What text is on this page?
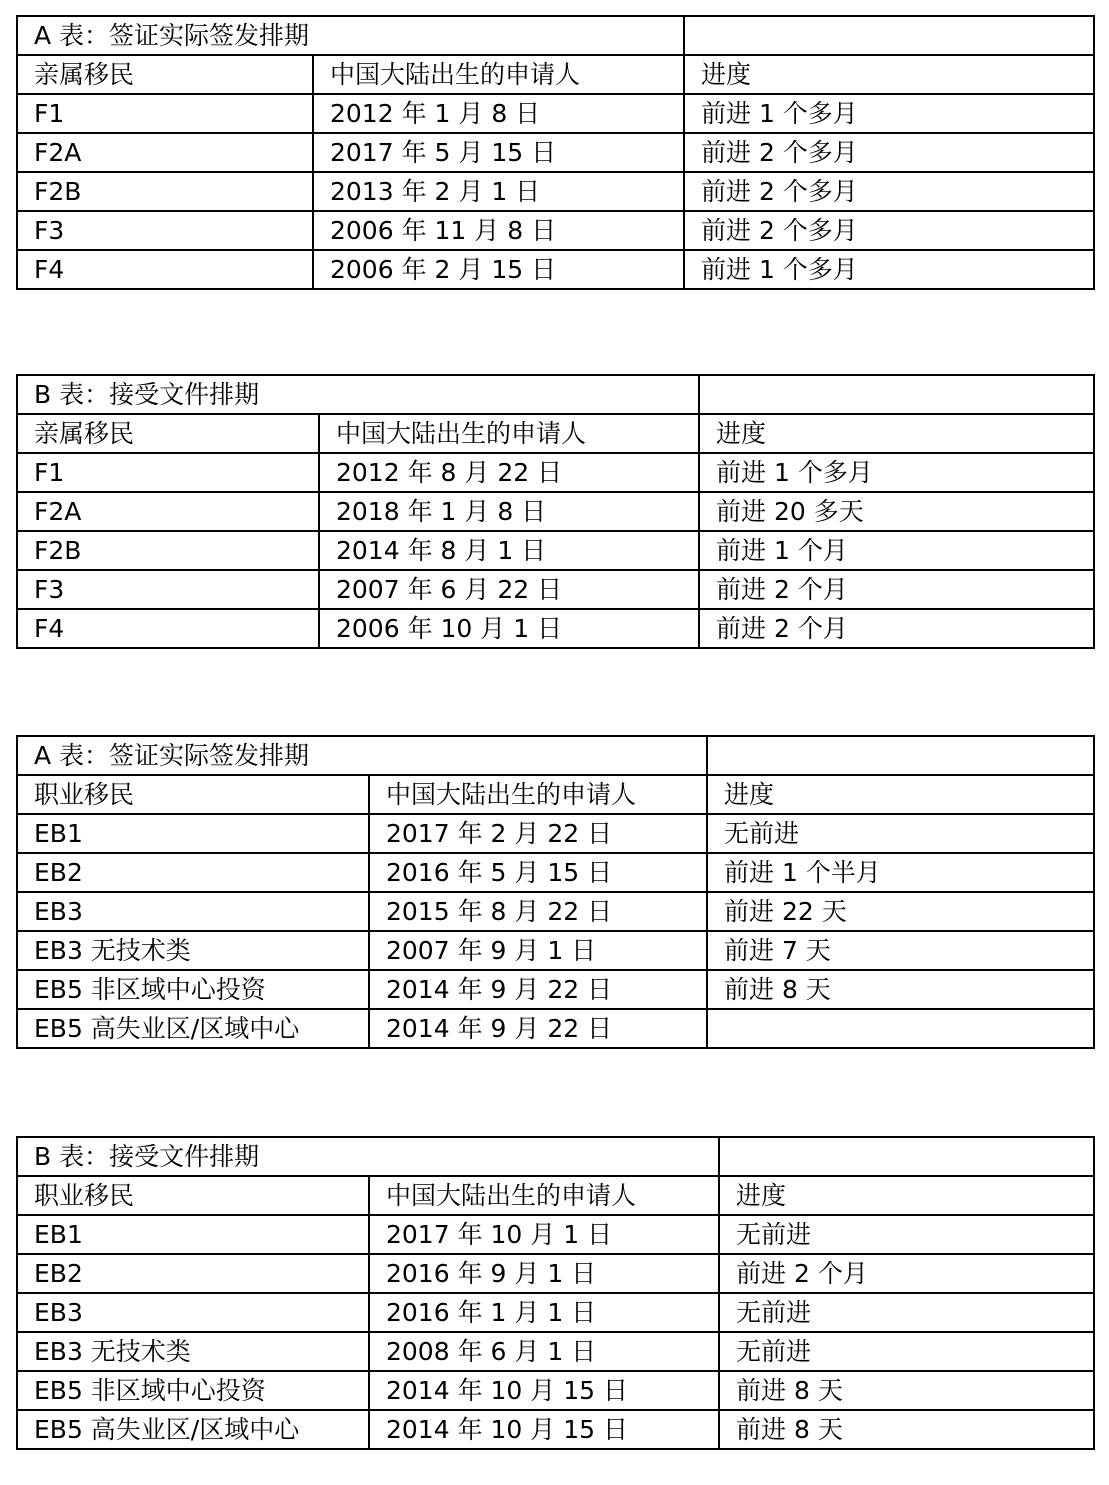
A 表：签证实际签发排期		
亲属移民	中国大陆出生的申请人	进度
F1	2012 年 1 月 8 日	前进 1 个多月
F2A	2017 年 5 月 15 日	前进 2 个多月
F2B	2013 年 2 月 1 日	前进 2 个多月
F3	2006 年 11 月 8 日	前进 2 个多月
F4	2006 年 2 月 15 日	前进 1 个多月
B 表：接受文件排期		
亲属移民	中国大陆出生的申请人	进度
F1	2012 年 8 月 22 日	前进 1 个多月
F2A	2018 年 1 月 8 日	前进 20 多天
F2B	2014 年 8 月 1 日	前进 1 个月
F3	2007 年 6 月 22 日	前进 2 个月
F4	2006 年 10 月 1 日	前进 2 个月
A 表：签证实际签发排期		
职业移民	中国大陆出生的申请人	进度
EB1	2017 年 2 月 22 日	无前进
EB2	2016 年 5 月 15 日	前进 1 个半月
EB3	2015 年 8 月 22 日	前进 22 天
EB3 无技术类	2007 年 9 月 1 日	前进 7 天
EB5 非区域中心投资	2014 年 9 月 22 日	前进 8 天
EB5 高失业区/区域中心	2014 年 9 月 22 日	
B 表：接受文件排期		
职业移民	中国大陆出生的申请人	进度
EB1	2017 年 10 月 1 日	无前进
EB2	2016 年 9 月 1 日	前进 2 个月
EB3	2016 年 1 月 1 日	无前进
EB3 无技术类	2008 年 6 月 1 日	无前进
EB5 非区域中心投资	2014 年 10 月 15 日	前进 8 天
EB5 高失业区/区域中心	2014 年 10 月 15 日	前进 8 天
